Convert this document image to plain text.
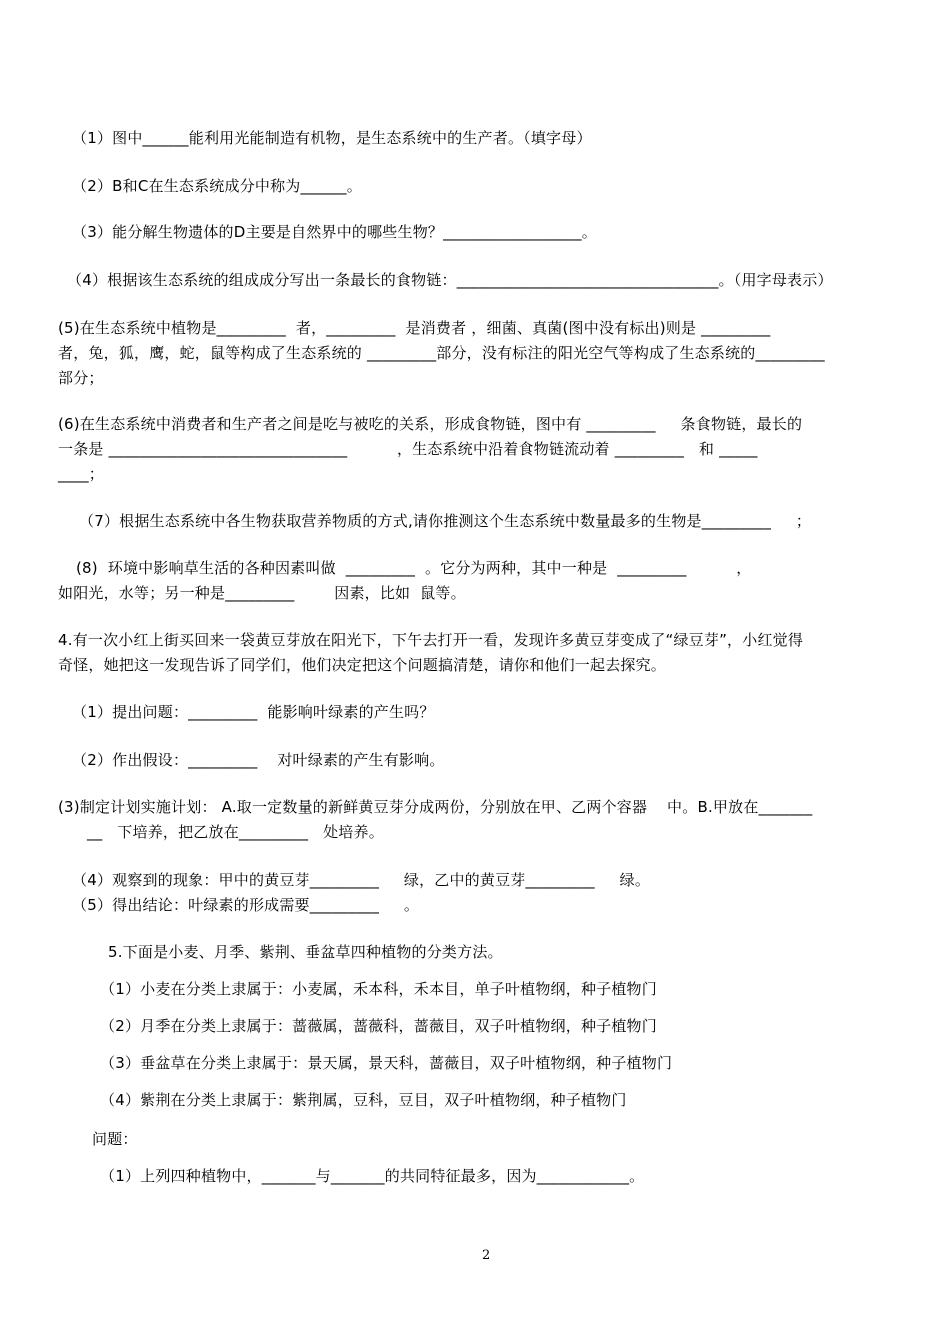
（1）图中______能利用光能制造有机物，是生态系统中的生产者。（填字母）
（2）B和C在生态系统成分中称为______。
（3）能分解生物遗体的D主要是自然界中的哪些生物？__________________。
（4）根据该生态系统的组成成分写出一条最长的食物链：__________________________________。（用字母表示）
(5)在生态系统中植物是_________  者，_________  是消费者 ，细菌、真菌(图中没有标出)则是 _________
者，兔，狐，鹰，蛇，鼠等构成了生态系统的 _________部分，没有标注的阳光空气等构成了生态系统的_________
部分；
(6)在生态系统中消费者和生产者之间是吃与被吃的关系，形成食物链，图中有 _________     条食物链，最长的
一条是 _______________________________          ，生态系统中沿着食物链流动着 _________   和 _____
____；
（7）根据生态系统中各生物获取营养物质的方式,请你推测这个生态系统中数量最多的生物是_________     ；
(8)  环境中影响草生活的各种因素叫做  _________  。它分为两种，其中一种是  _________          ，
如阳光，水等；另一种是_________        因素，比如  鼠等。
4.有一次小红上街买回来一袋黄豆芽放在阳光下，下午去打开一看，发现许多黄豆芽变成了“绿豆芽”，小红觉得
奇怪，她把这一发现告诉了同学们，他们决定把这个问题搞清楚，请你和他们一起去探究。
（1）提出问题：_________  能影响叶绿素的产生吗？
（2）作出假设：_________    对叶绿素的产生有影响。
(3)制定计划实施计划： A.取一定数量的新鲜黄豆芽分成两份，分别放在甲、乙两个容器    中。B.甲放在_______
__   下培养，把乙放在_________   处培养。
（4）观察到的现象：甲中的黄豆芽_________     绿，乙中的黄豆芽_________     绿。
（5）得出结论：叶绿素的形成需要_________     。
5.下面是小麦、月季、紫荆、垂盆草四种植物的分类方法。
（1）小麦在分类上隶属于：小麦属，禾本科，禾本目，单子叶植物纲，种子植物门
（2）月季在分类上隶属于：蔷薇属，蔷薇科，蔷薇目，双子叶植物纲，种子植物门
（3）垂盆草在分类上隶属于：景天属，景天科，蔷薇目，双子叶植物纲，种子植物门
（4）紫荆在分类上隶属于：紫荆属，豆科，豆目，双子叶植物纲，种子植物门
问题：
（1）上列四种植物中，_______与_______的共同特征最多，因为____________。
2
